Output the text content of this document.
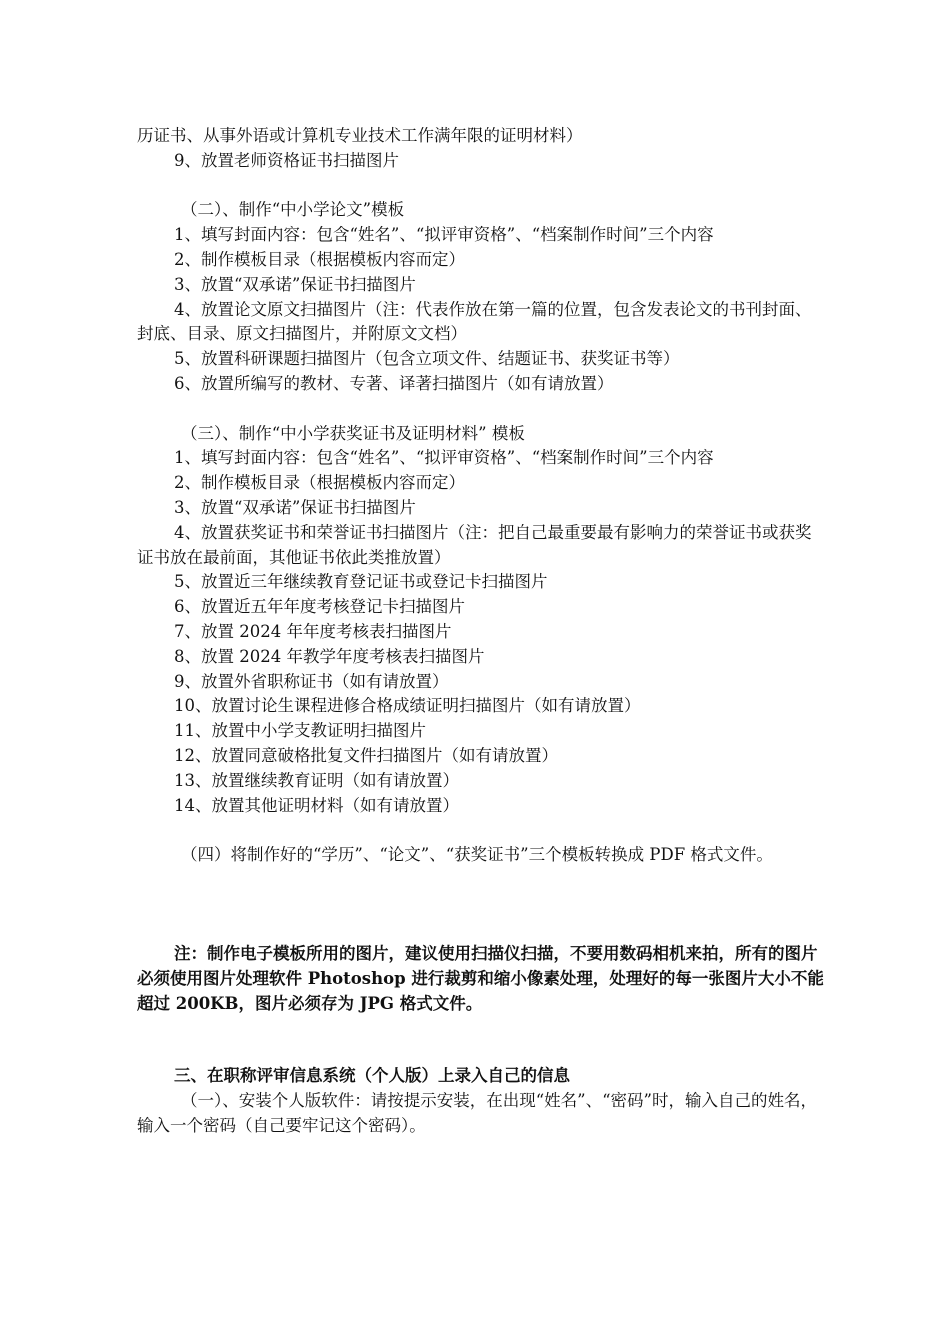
历证书、从事外语或计算机专业技术工作满年限的证明材料）

9、放置老师资格证书扫描图片

（二）、制作“中小学论文”模板

1、填写封面内容：包含“姓名”、“拟评审资格”、“档案制作时间”三个内容

2、制作模板目录（根据模板内容而定）

3、放置“双承诺”保证书扫描图片

4、放置论文原文扫描图片（注：代表作放在第一篇的位置，包含发表论文的书刊封面、封底、目录、原文扫描图片，并附原文文档）

5、放置科研课题扫描图片（包含立项文件、结题证书、获奖证书等）

6、放置所编写的教材、专著、译著扫描图片（如有请放置）

（三）、制作“中小学获奖证书及证明材料” 模板

1、填写封面内容：包含“姓名”、“拟评审资格”、“档案制作时间”三个内容

2、制作模板目录（根据模板内容而定）

3、放置“双承诺”保证书扫描图片

4、放置获奖证书和荣誉证书扫描图片（注：把自己最重要最有影响力的荣誉证书或获奖证书放在最前面，其他证书依此类推放置）

5、放置近三年继续教育登记证书或登记卡扫描图片

6、放置近五年年度考核登记卡扫描图片

7、放置 2024 年年度考核表扫描图片

8、放置 2024 年教学年度考核表扫描图片

9、放置外省职称证书（如有请放置）

10、放置讨论生课程进修合格成绩证明扫描图片（如有请放置）

11、放置中小学支教证明扫描图片

12、放置同意破格批复文件扫描图片（如有请放置）

13、放置继续教育证明（如有请放置）

14、放置其他证明材料（如有请放置）

（四）将制作好的“学历”、“论文”、“获奖证书”三个模板转换成 PDF 格式文件。

注：制作电子模板所用的图片，建议使用扫描仪扫描，不要用数码相机来拍，所有的图片必须使用图片处理软件 Photoshop 进行裁剪和缩小像素处理，处理好的每一张图片大小不能超过 200KB，图片必须存为 JPG 格式文件。

三、在职称评审信息系统（个人版）上录入自己的信息

（一）、安装个人版软件：请按提示安装，在出现“姓名”、“密码”时，输入自己的姓名，输入一个密码（自己要牢记这个密码）。
